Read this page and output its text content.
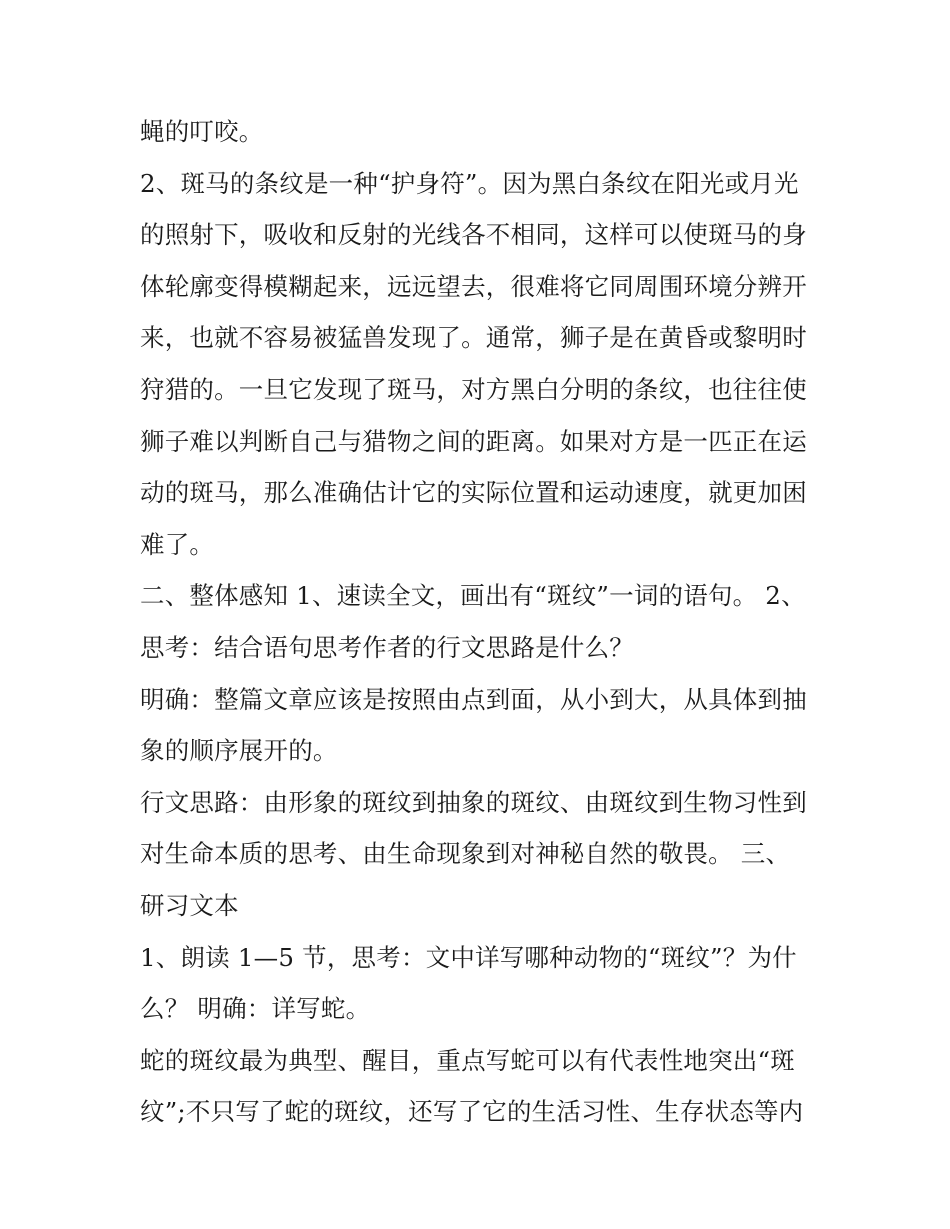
蝇的叮咬。
2、斑马的条纹是一种“护身符”。因为黑白条纹在阳光或月光
的照射下，吸收和反射的光线各不相同，这样可以使斑马的身
体轮廓变得模糊起来，远远望去，很难将它同周围环境分辨开
来，也就不容易被猛兽发现了。通常，狮子是在黄昏或黎明时
狩猎的。一旦它发现了斑马，对方黑白分明的条纹，也往往使
狮子难以判断自己与猎物之间的距离。如果对方是一匹正在运
动的斑马，那么准确估计它的实际位置和运动速度，就更加困
难了。
二、整体感知 1、速读全文，画出有“斑纹”一词的语句。 2、
思考：结合语句思考作者的行文思路是什么？
明确：整篇文章应该是按照由点到面，从小到大，从具体到抽
象的顺序展开的。
行文思路：由形象的斑纹到抽象的斑纹、由斑纹到生物习性到
对生命本质的思考、由生命现象到对神秘自然的敬畏。 三、
研习文本
1、朗读 1—5 节，思考：文中详写哪种动物的“斑纹”？为什
么？ 明确：详写蛇。
蛇的斑纹最为典型、醒目，重点写蛇可以有代表性地突出“斑
纹”;不只写了蛇的斑纹，还写了它的生活习性、生存状态等内
